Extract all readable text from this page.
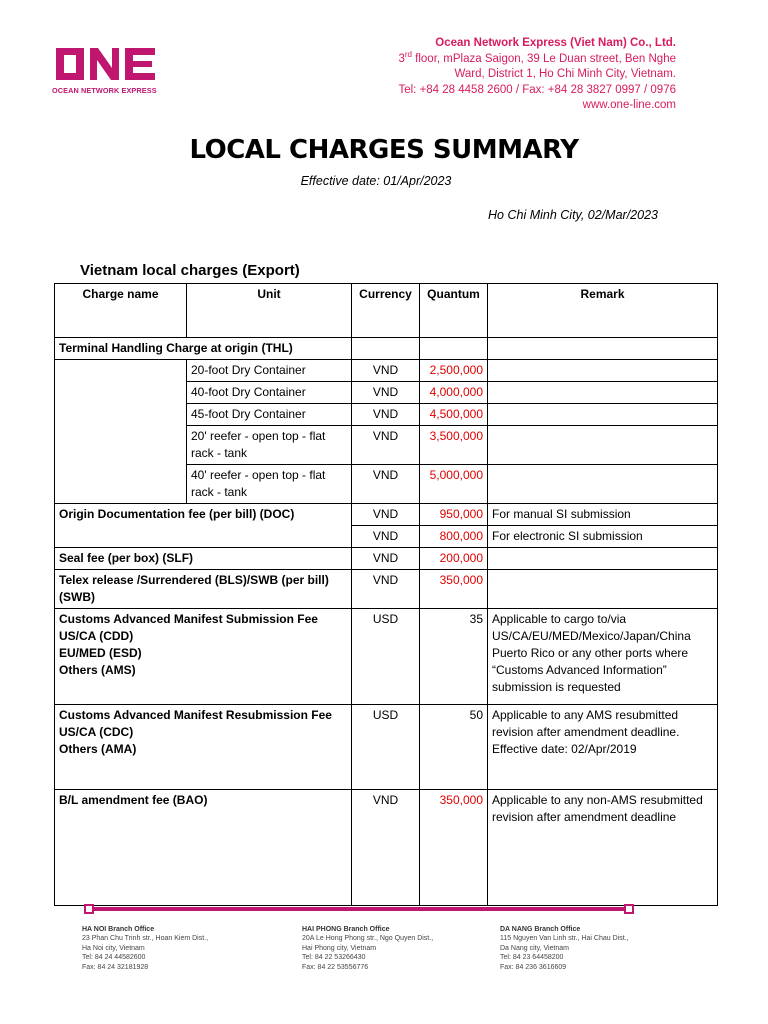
OCEAN NETWORK EXPRESS
Ocean Network Express (Viet Nam) Co., Ltd.
3rd floor, mPlaza Saigon, 39 Le Duan street, Ben Nghe
Ward, District 1, Ho Chi Minh City, Vietnam.
Tel: +84 28 4458 2600 / Fax: +84 28 3827 0997 / 0976
www.one-line.com
LOCAL CHARGES SUMMARY
Effective date: 01/Apr/2023
Ho Chi Minh City, 02/Mar/2023
Vietnam local charges (Export)
Charge name	Unit	Currency	Quantum	Remark
Terminal Handling Charge at origin (THL)				
	20-foot Dry Container	VND	2,500,000	
	40-foot Dry Container	VND	4,000,000	
	45-foot Dry Container	VND	4,500,000	
	20' reefer - open top - flat rack - tank	VND	3,500,000	
	40' reefer - open top - flat rack - tank	VND	5,000,000	
Origin Documentation fee (per bill) (DOC)		VND	950,000	For manual SI submission
		VND	800,000	For electronic SI submission
Seal fee (per box) (SLF)		VND	200,000	
Telex release /Surrendered (BLS)/SWB (per bill) (SWB)		VND	350,000	

Customs Advanced Manifest Submission Fee
US/CA (CDD)
EU/MED (ESD)
Others (AMS)		USD	35	Applicable to cargo to/via US/CA/EU/MED/Mexico/Japan/China Puerto Rico or any other ports where “Customs Advanced Information” submission is requested

Customs Advanced Manifest Resubmission Fee
US/CA (CDC)
Others (AMA)		USD	50	Applicable to any AMS resubmitted revision after amendment deadline. Effective date: 02/Apr/2019
B/L amendment fee (BAO)		VND	350,000	Applicable to any non-AMS resubmitted revision after amendment deadline
HA NOI Branch Office
23 Phan Chu Trinh str., Hoan Kiem Dist.,
Ha Noi city, Vietnam
Tel: 84 24 44582600
Fax: 84 24 32181928
HAI PHONG Branch Office
20A Le Hong Phong str., Ngo Quyen Dist.,
Hai Phong city, Vietnam
Tel: 84 22 53266430
Fax: 84 22 53556776
DA NANG Branch Office
115 Nguyen Van Linh str., Hai Chau Dist.,
Da Nang city, Vietnam
Tel: 84 23 64458200
Fax: 84 236 3616609
